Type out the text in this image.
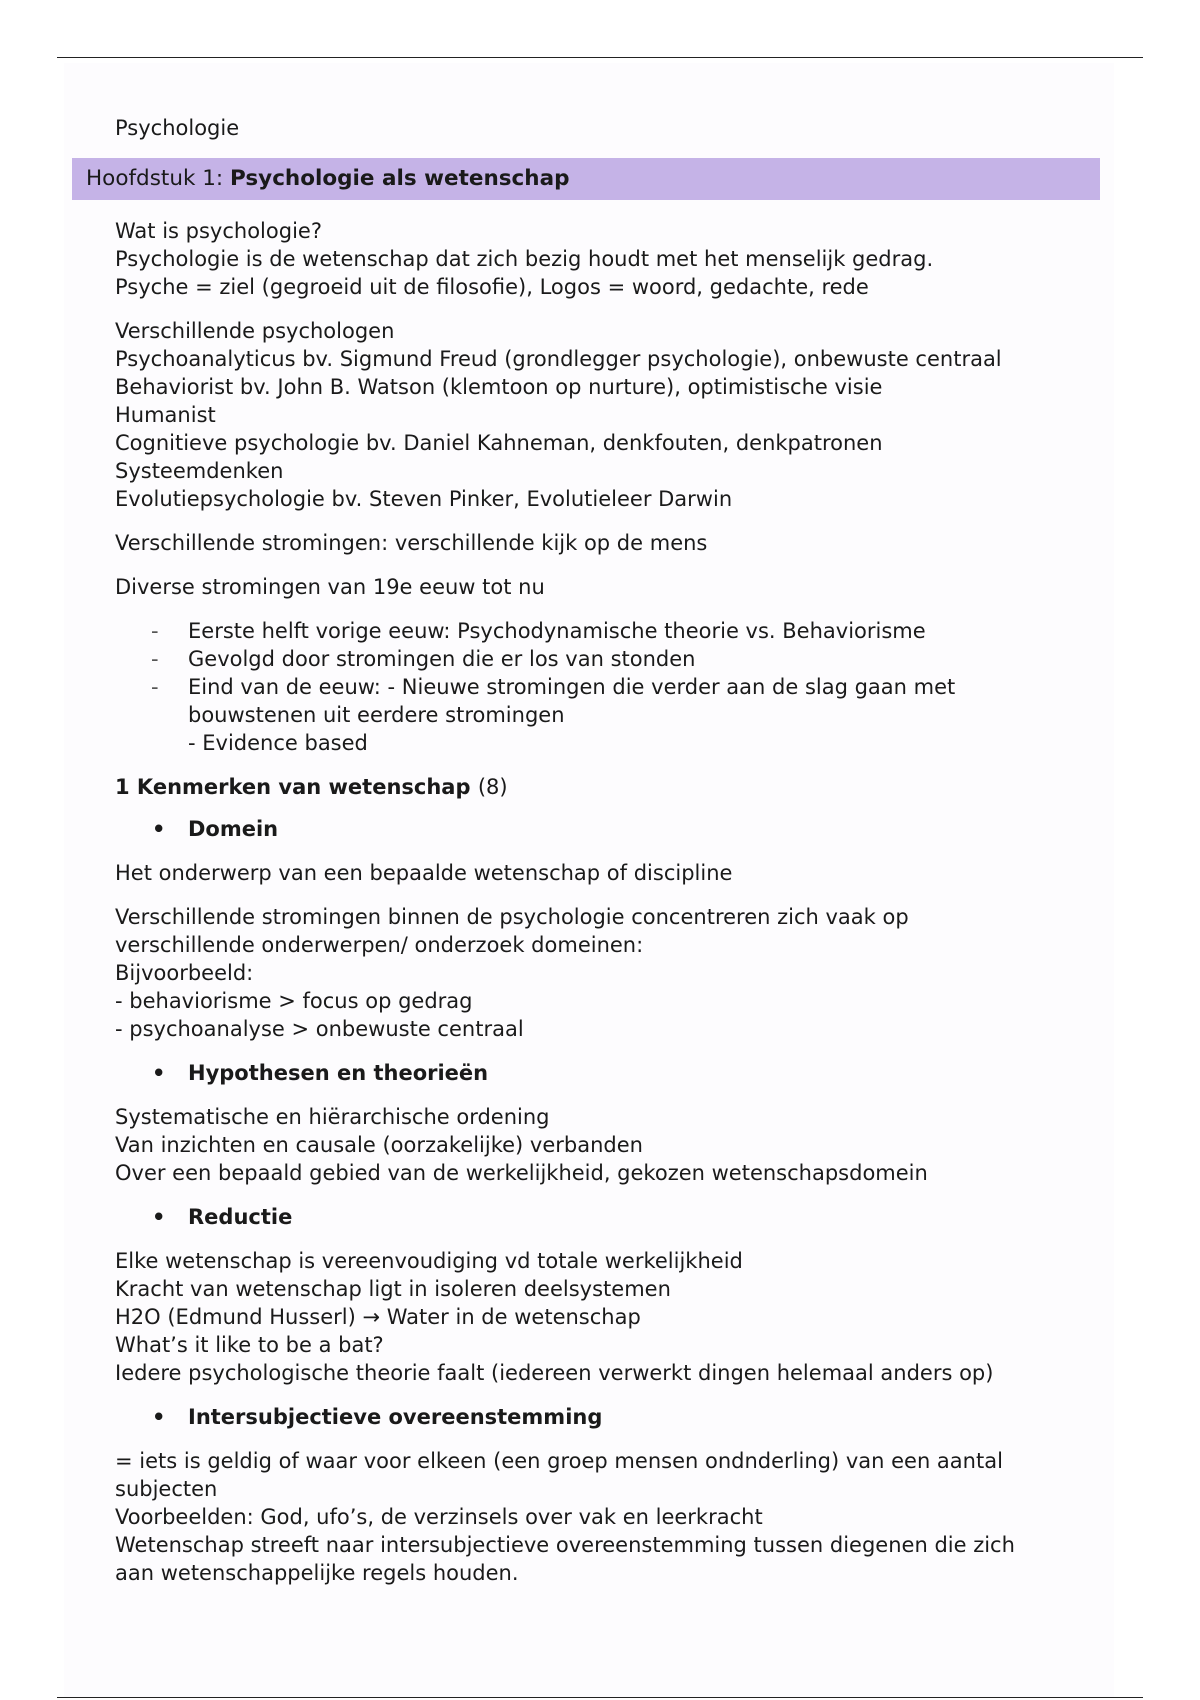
Psychologie
Hoofdstuk 1: Psychologie als wetenschap
Wat is psychologie?
Psychologie is de wetenschap dat zich bezig houdt met het menselijk gedrag.
Psyche = ziel (gegroeid uit de filosofie), Logos = woord, gedachte, rede
Verschillende psychologen
Psychoanalyticus bv. Sigmund Freud (grondlegger psychologie), onbewuste centraal
Behaviorist bv. John B. Watson (klemtoon op nurture), optimistische visie
Humanist
Cognitieve psychologie bv. Daniel Kahneman, denkfouten, denkpatronen
Systeemdenken
Evolutiepsychologie bv. Steven Pinker, Evolutieleer Darwin
Verschillende stromingen: verschillende kijk op de mens
Diverse stromingen van 19e eeuw tot nu
- Eerste helft vorige eeuw: Psychodynamische theorie vs. Behaviorisme
- Gevolgd door stromingen die er los van stonden
- Eind van de eeuw: - Nieuwe stromingen die verder aan de slag gaan met
bouwstenen uit eerdere stromingen
- Evidence based
1 Kenmerken van wetenschap (8)
• Domein
Het onderwerp van een bepaalde wetenschap of discipline
Verschillende stromingen binnen de psychologie concentreren zich vaak op
verschillende onderwerpen/ onderzoek domeinen:
Bijvoorbeeld:
- behaviorisme > focus op gedrag
- psychoanalyse > onbewuste centraal
• Hypothesen en theorieën
Systematische en hiërarchische ordening
Van inzichten en causale (oorzakelijke) verbanden
Over een bepaald gebied van de werkelijkheid, gekozen wetenschapsdomein
• Reductie
Elke wetenschap is vereenvoudiging vd totale werkelijkheid
Kracht van wetenschap ligt in isoleren deelsystemen
H2O (Edmund Husserl) → Water in de wetenschap
What’s it like to be a bat?
Iedere psychologische theorie faalt (iedereen verwerkt dingen helemaal anders op)
• Intersubjectieve overeenstemming
= iets is geldig of waar voor elkeen (een groep mensen ondnderling) van een aantal
subjecten
Voorbeelden: God, ufo’s, de verzinsels over vak en leerkracht
Wetenschap streeft naar intersubjectieve overeenstemming tussen diegenen die zich
aan wetenschappelijke regels houden.
